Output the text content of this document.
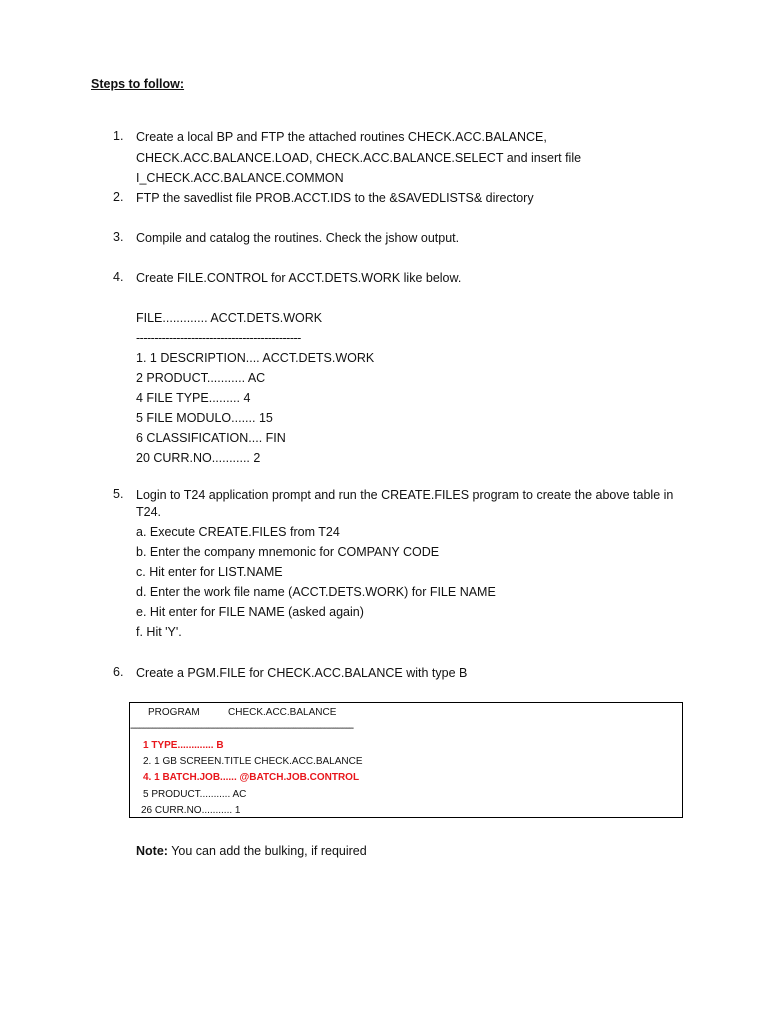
Steps to follow:
1. Create a local BP and FTP the attached routines CHECK.ACC.BALANCE,
CHECK.ACC.BALANCE.LOAD, CHECK.ACC.BALANCE.SELECT and insert file
I_CHECK.ACC.BALANCE.COMMON
2. FTP the savedlist file PROB.ACCT.IDS to the &SAVEDLISTS& directory
3. Compile and catalog the routines. Check the jshow output.
4. Create FILE.CONTROL for ACCT.DETS.WORK like below.
FILE............. ACCT.DETS.WORK
---------------------------------------------
1. 1 DESCRIPTION.... ACCT.DETS.WORK
2 PRODUCT........... AC
4 FILE TYPE......... 4
5 FILE MODULO....... 15
6 CLASSIFICATION.... FIN
20 CURR.NO........... 2
5. Login to T24 application prompt and run the CREATE.FILES program to create the above table in
T24.
a. Execute CREATE.FILES from T24
b. Enter the company mnemonic for COMPANY CODE
c. Hit enter for LIST.NAME
d. Enter the work file name (ACCT.DETS.WORK) for FILE NAME
e. Hit enter for FILE NAME (asked again)
f. Hit 'Y'.
6. Create a PGM.FILE for CHECK.ACC.BALANCE with type B
PROGRAM	CHECK.ACC.BALANCE
----------------------------------------------------------------------------------------------------
1 TYPE............. B
2. 1 GB SCREEN.TITLE CHECK.ACC.BALANCE
4. 1 BATCH.JOB...... @BATCH.JOB.CONTROL
5 PRODUCT........... AC
26 CURR.NO........... 1
Note: You can add the bulking, if required
